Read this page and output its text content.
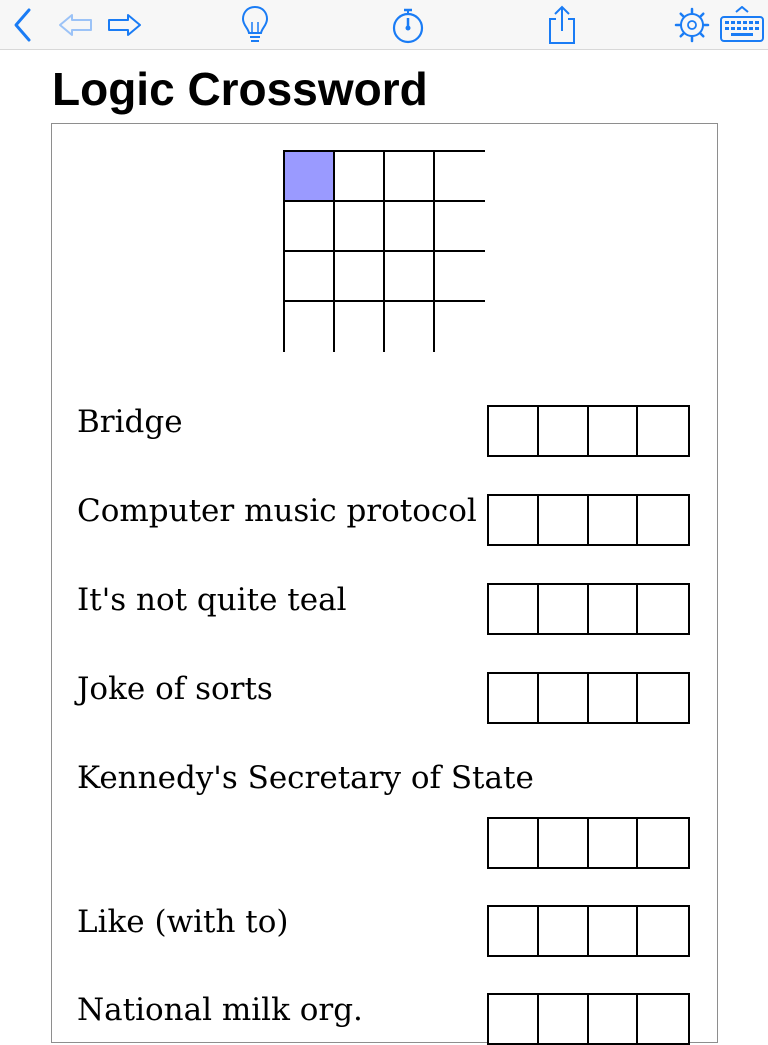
Logic Crossword
Bridge
Computer music protocol
It's not quite teal
Joke of sorts
Kennedy's Secretary of State
Like (with to)
National milk org.
